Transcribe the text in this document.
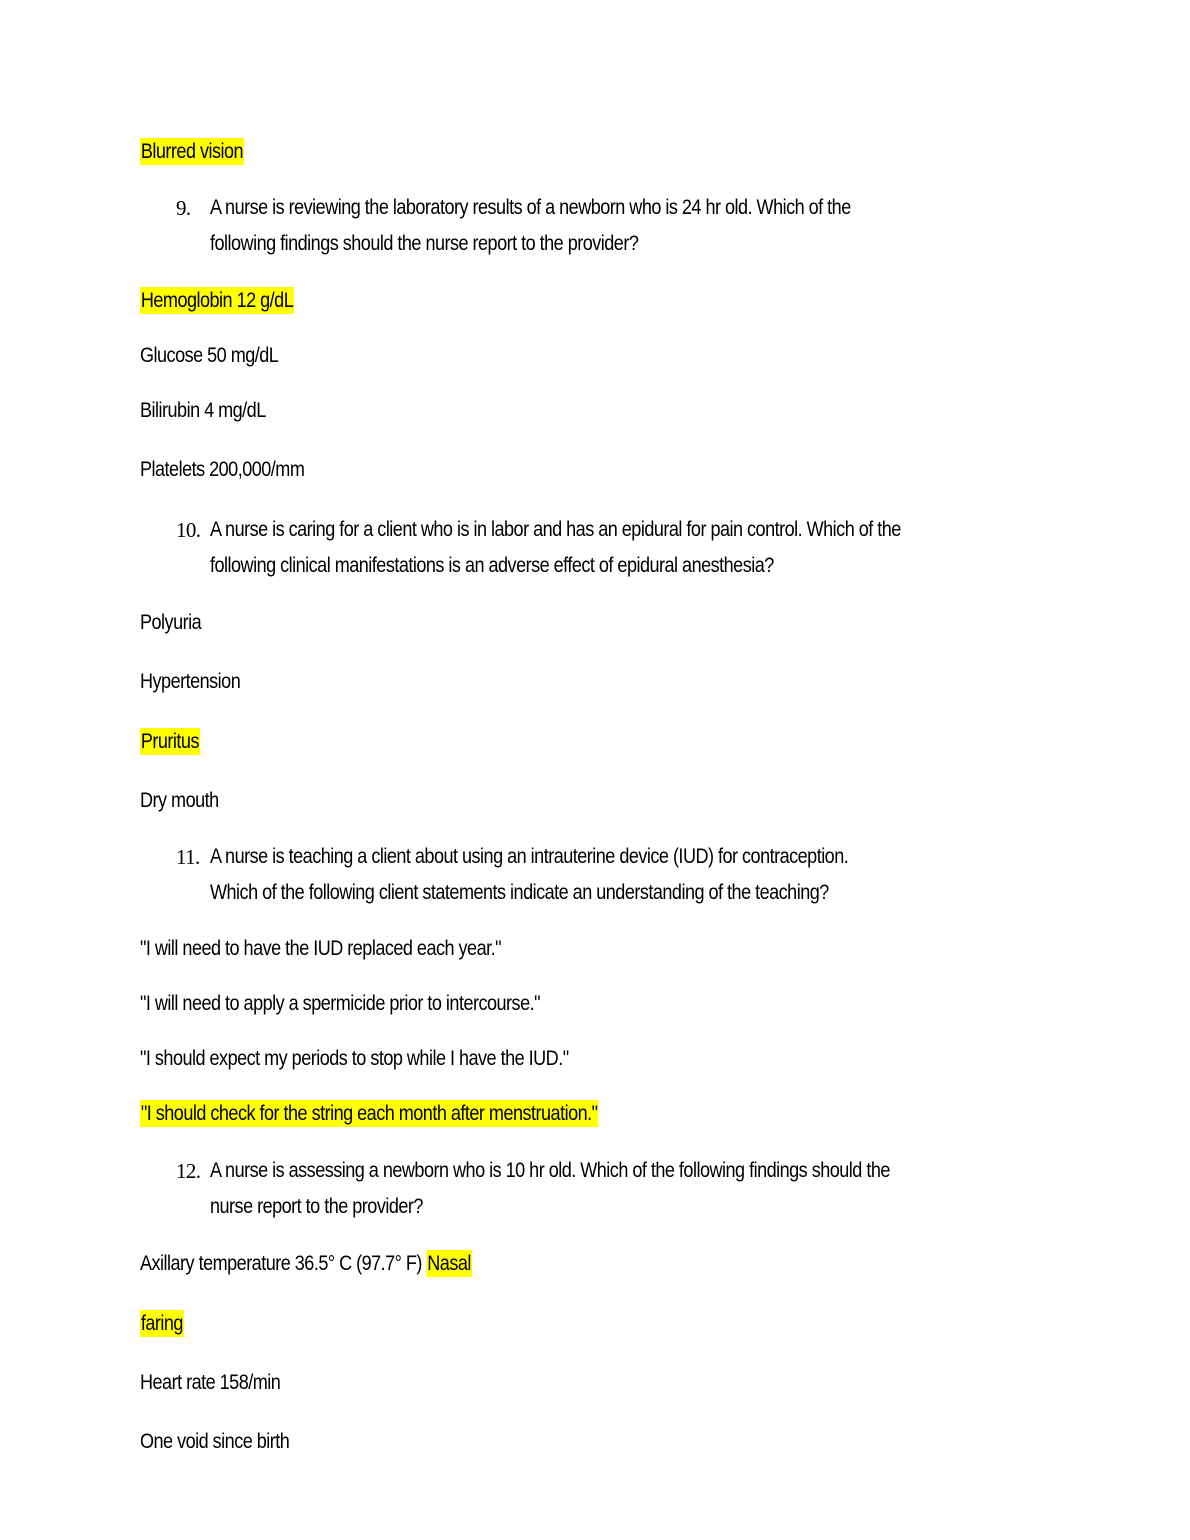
Blurred vision
9. A nurse is reviewing the laboratory results of a newborn who is 24 hr old. Which of the
following findings should the nurse report to the provider?
Hemoglobin 12 g/dL
Glucose 50 mg/dL
Bilirubin 4 mg/dL
Platelets 200,000/mm
10. A nurse is caring for a client who is in labor and has an epidural for pain control. Which of the
following clinical manifestations is an adverse effect of epidural anesthesia?
Polyuria
Hypertension
Pruritus
Dry mouth
11. A nurse is teaching a client about using an intrauterine device (IUD) for contraception.
Which of the following client statements indicate an understanding of the teaching?
"I will need to have the IUD replaced each year."
"I will need to apply a spermicide prior to intercourse."
"I should expect my periods to stop while I have the IUD."
"I should check for the string each month after menstruation."
12. A nurse is assessing a newborn who is 10 hr old. Which of the following findings should the
nurse report to the provider?
Axillary temperature 36.5° C (97.7° F) Nasal
faring
Heart rate 158/min
One void since birth
